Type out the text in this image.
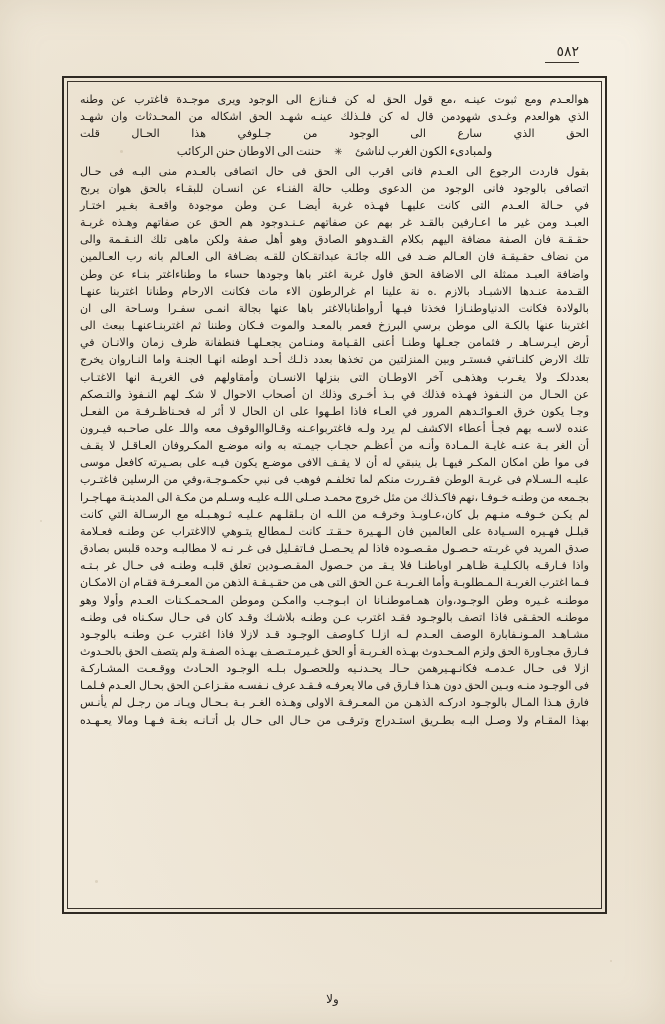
٥٨٢

هوالعـدم ومع ثبوت عينـه ،مع قول الحق له كن فـنازع الى الوجود ويرى موجـدة فاغترب عن وطنه

الذي هوالعدم وغـدى شهودمن قال له كن فلـذلك عينـه شهـد الحق اشكاله من المحـدثات وان شهـد

الحق الذي سارع الى الوجود من جـلوفي هذا الحـال قلت

ولمبادىء الكون الغرب لناشئ ✳ حننت الى الاوطان حنن الركائب

بقول فاردت الرجوع الى العـدم فانى اقرب الى الحق فى حال اتصافى بالعـدم منى البـه فى حـال

اتصافى بالوجود فانى الوجود من الدعوى وطلب حالة الفنـاء عن انسـان للبقـاء بالحق هوان يربح

في حـالة العـدم التى كانت عليهـا فهـذه غربة أيضـا عـن وطن موجودة واقعـة بغـير اختـار

العبـد ومن غير ما اعـارفين بالقـد غر بهم عن صفاتهم عـنـدوجود هم الحق عن صفاتهم وهـذه غربـة

حقـقـة فان الصفة مضافة اليهم بكلام القـدوهو الصادق وهو أهل صفة ولكن ماهى تلك النـقـمة والى

من نضاف حقـيقـة فان العـالم ضـد فى الله جائـة عبداتقـكان للقـه بضـافة الى العـالم بانه رب العـالمين

واضافة العبـد ممثلة الى الاضافة الحق فاول غربة اغتر باها وجودها حساء ما وطناءاغتر بنـاء عن وطن

القـدمة عنـدها الاشبـاد بالازم .ه نة علينا ام غرالرطون الاء مات فكانت الارحام وطنانا اغتربنا عنهـا

بالولادة فكانت الدنياوطنـازا فخذنا فيـها أرواطنابالاغتر باها عنها بجالة انمـى سفـرا وسـاحة الى ان

اغتربنا عنها بالكـة الى موطن برسي البرزخ فعمر بالمعـد والموت فـكان وطننا ثم اغتربنـاعنهـا ببعث الى

أرض ايـرسـاهـ ر فثمامن جعـلها وطنـا أعنى القـيامة ومنـامن يجعـلهـا فنطفانة ظرف زمان والانـان في

تلك الارض كلنـاتفي فىستـر وبين المنزلتين من تخذها بعدد ذلـك أحـد اوطنه انهـا الجنـة واما النـاروان يخرج

بعددلكـ ولا يغـرب وهذهـى آخر الاوطـان التى بنزلها الانسـان وأمقاولهم فى الغريـة انها الاغتـاب

عن الحـال من النـفوذ فهـذه فذلك في بـذ أخـرى وذلك ان أصحاب الاحوال لا شكـ لهم النـفوذ والتـصكم

وجـا يكون خرق العـوائـدهم المرور في العـاء فاذا اطـهوا على ان الحال لا أثر له فحـناظـرفـة من الفعـل

عنده لاسـه بهم فجـأ أعطاء الاكشف لم يرد ولـه فاغتربواعـنه وقـالواالوقوف معه واللـ على صاحـبه فيـرون

أن الغر بـة عنـه غايـة الـمـادة وأنـه من أعظـم حجـاب جيمـته به وانه موضـع المكـروفان العـاقـل لا يقـف

فى موا طن امكان المكـر فيهـا بل ينبقي له أن لا يقـف الافى موضـع يكون فيـه على بصـيرته كافعل موسى

عليـه الـسـلام فى غربـة الوطن فقـررت منكم لما تخلفـم فوهب فى نبي حكمـوجـة،وفي من الرسلين فاغتـرب

بجـمعه من وطنـه خـوفـا ،نهم فاكـذلك من مثل خروج محمـد صـلى اللـه عليـه وسـلم من مكـة الى المدينـة مهـاجـرا

لم يكـن خـوفـه منـهم بل كان،عـاوبـذ وخرفـه من اللـه ان بـلقلـهم عـليـه ثـوهـبـله مع الرسـالة التي كانت

قبلـل فهـيره السـيادة على العالمين فان الـهـيرة حـقـتـ كانت لـمطالع يتـوهي لاالاغتراب عن وطنـه فعـلامة

صدق المريد في غربـته حـصـول مقـصـوده فاذا لم يحـصـل فـاتقـليل فى غـر نـه لا مطالبـه وحده قلبس بصادق

واذا فـارقـه بالكـليـة ظـاهـر اوباطنـا فلا يـقـ من حـصول المقـصـودين تعلق قلبـه وطنـه فى حـال غر بـتـه

فـما اغترب الغربـة الـمـطلوبـة وأما الغـربـة عـن الحق التى هى من حقـيـقـة الذهن من المعـرفـة فقـام ان الامكـان

موطنـه غـيره وطن الوجـود،وان همـاموطنـانا ان ابـوجـب واامكـن وموطن المـحمـكـنات العـدم وأولا وهو

موطنـه الحقـقى فاذا اتصف بالوجـود فقـد اغترب عـن وطنـه بلاشـك وقـد كان فى حـال سكـناه فى وطنـه

مشـاهـد المـونـفابارة الوصف العـدم لـه ازلـا كـاوصف الوجـود قـد لازلا فاذا اغترب عـن وطنـه بالوجـود

فـارق مجـاورة الحق ولزم المـحـدوث بهـذه الغـربـة أو الحق غـيرمـتـصـف بهـذه الصفـة ولم يتصف الحق بالحـدوث

ازلا فى حـال عـدمـه فكانـهـيرهمن حـالـ يحـدنـيه وللحصـول بـلـه الوجـود الحـادث ووقـعـت المشـاركـة

فى الوجـود منـه وبـين الحق دون هـذا فـارق فى مالا يعرفـه فـقـد عرف نـفسـه مقـزاعـن الحق بحـال العـدم فـلمـا

فارق هـذا المـال بالوجـود ادركـه الذهـن من المعـرفـة الاولى وهـذه الغـر بـة بـحـال ويـانـ من رجـل لم يأنـس

بهذا المقـام ولا وصـل البـه بطـريق استـدراج وترقـى من حـال الى حـال بل أتـانـه بغـة فـهـا ومالا يعـهـده

ولا
